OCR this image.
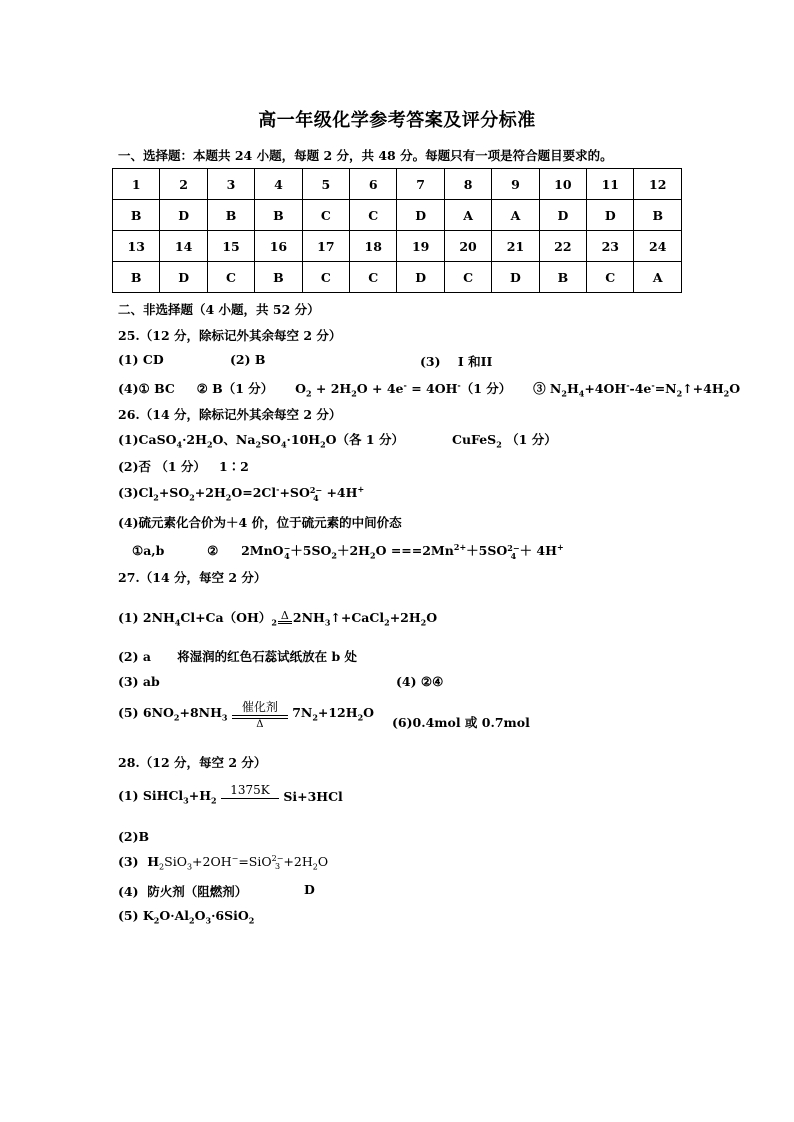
高一年级化学参考答案及评分标准
一、选择题：本题共 24 小题，每题 2 分，共 48 分。每题只有一项是符合题目要求的。
1	2	3	4	5	6	7	8	9	10	11	12
B	D	B	B	C	C	D	A	A	D	D	B
13	14	15	16	17	18	19	20	21	22	23	24
B	D	C	B	C	C	D	C	D	B	C	A
二、非选择题（4 小题，共 52 分）
25.（12 分，除标记外其余每空 2 分）
(1) CD	(2) B	(3)    I 和II
(4)① BC ② B（1 分） $O_2 + 2H_2O + 4e^- = 4OH^-(1$ 分） ③ $N_2H_4+4OH^--4e^-=N_2↑+4H_2O$
26.（14 分，除标记外其余每空 2 分）
$(1)CaSO_4\cdot 2H_2O$、$Na_2SO_4\cdot 10H_2O$（各 1 分）	CuFeS$_2$ （1 分）
(2)否 （1 分）   1∶2
$(3)Cl_2+SO_2+2H_2O=2Cl^-+SO$ 2−
4 +4H+
(4)硫元素化合价为＋4 价，位于硫元素的中间价态
①a,b	② 2MnO −
$4 +5SO_2+2H_2O ===2Mn^{2+}+5SO$ 2−
4 ＋ 4H+
27.（14 分，每空 2 分）
(1) $2NH_4Cl+Ca(OH)_2$
Δ $2NH_3↑+CaCl_2+2H_2O$
(2) a      将湿润的红色石蕊试纸放在 b 处
(3) ab	(4) ②④
(5) $6NO_2+8NH_3$
催化剂
Δ
$7N_2+12H_2O$
(6)0.4mol 或 0.7mol
28.（12 分，每空 2 分）
(1) $SiHCl_3+H_2$
1375K
	Si+3HCl
(2)B
(3)  $H_2SiO_3+2OH^-=SiO$ 2−
$3 +2H_2O$
(4)  防火剂（阻燃剂）	D
(5) $K_2O\cdot Al_2O_3\cdot 6SiO_2$
